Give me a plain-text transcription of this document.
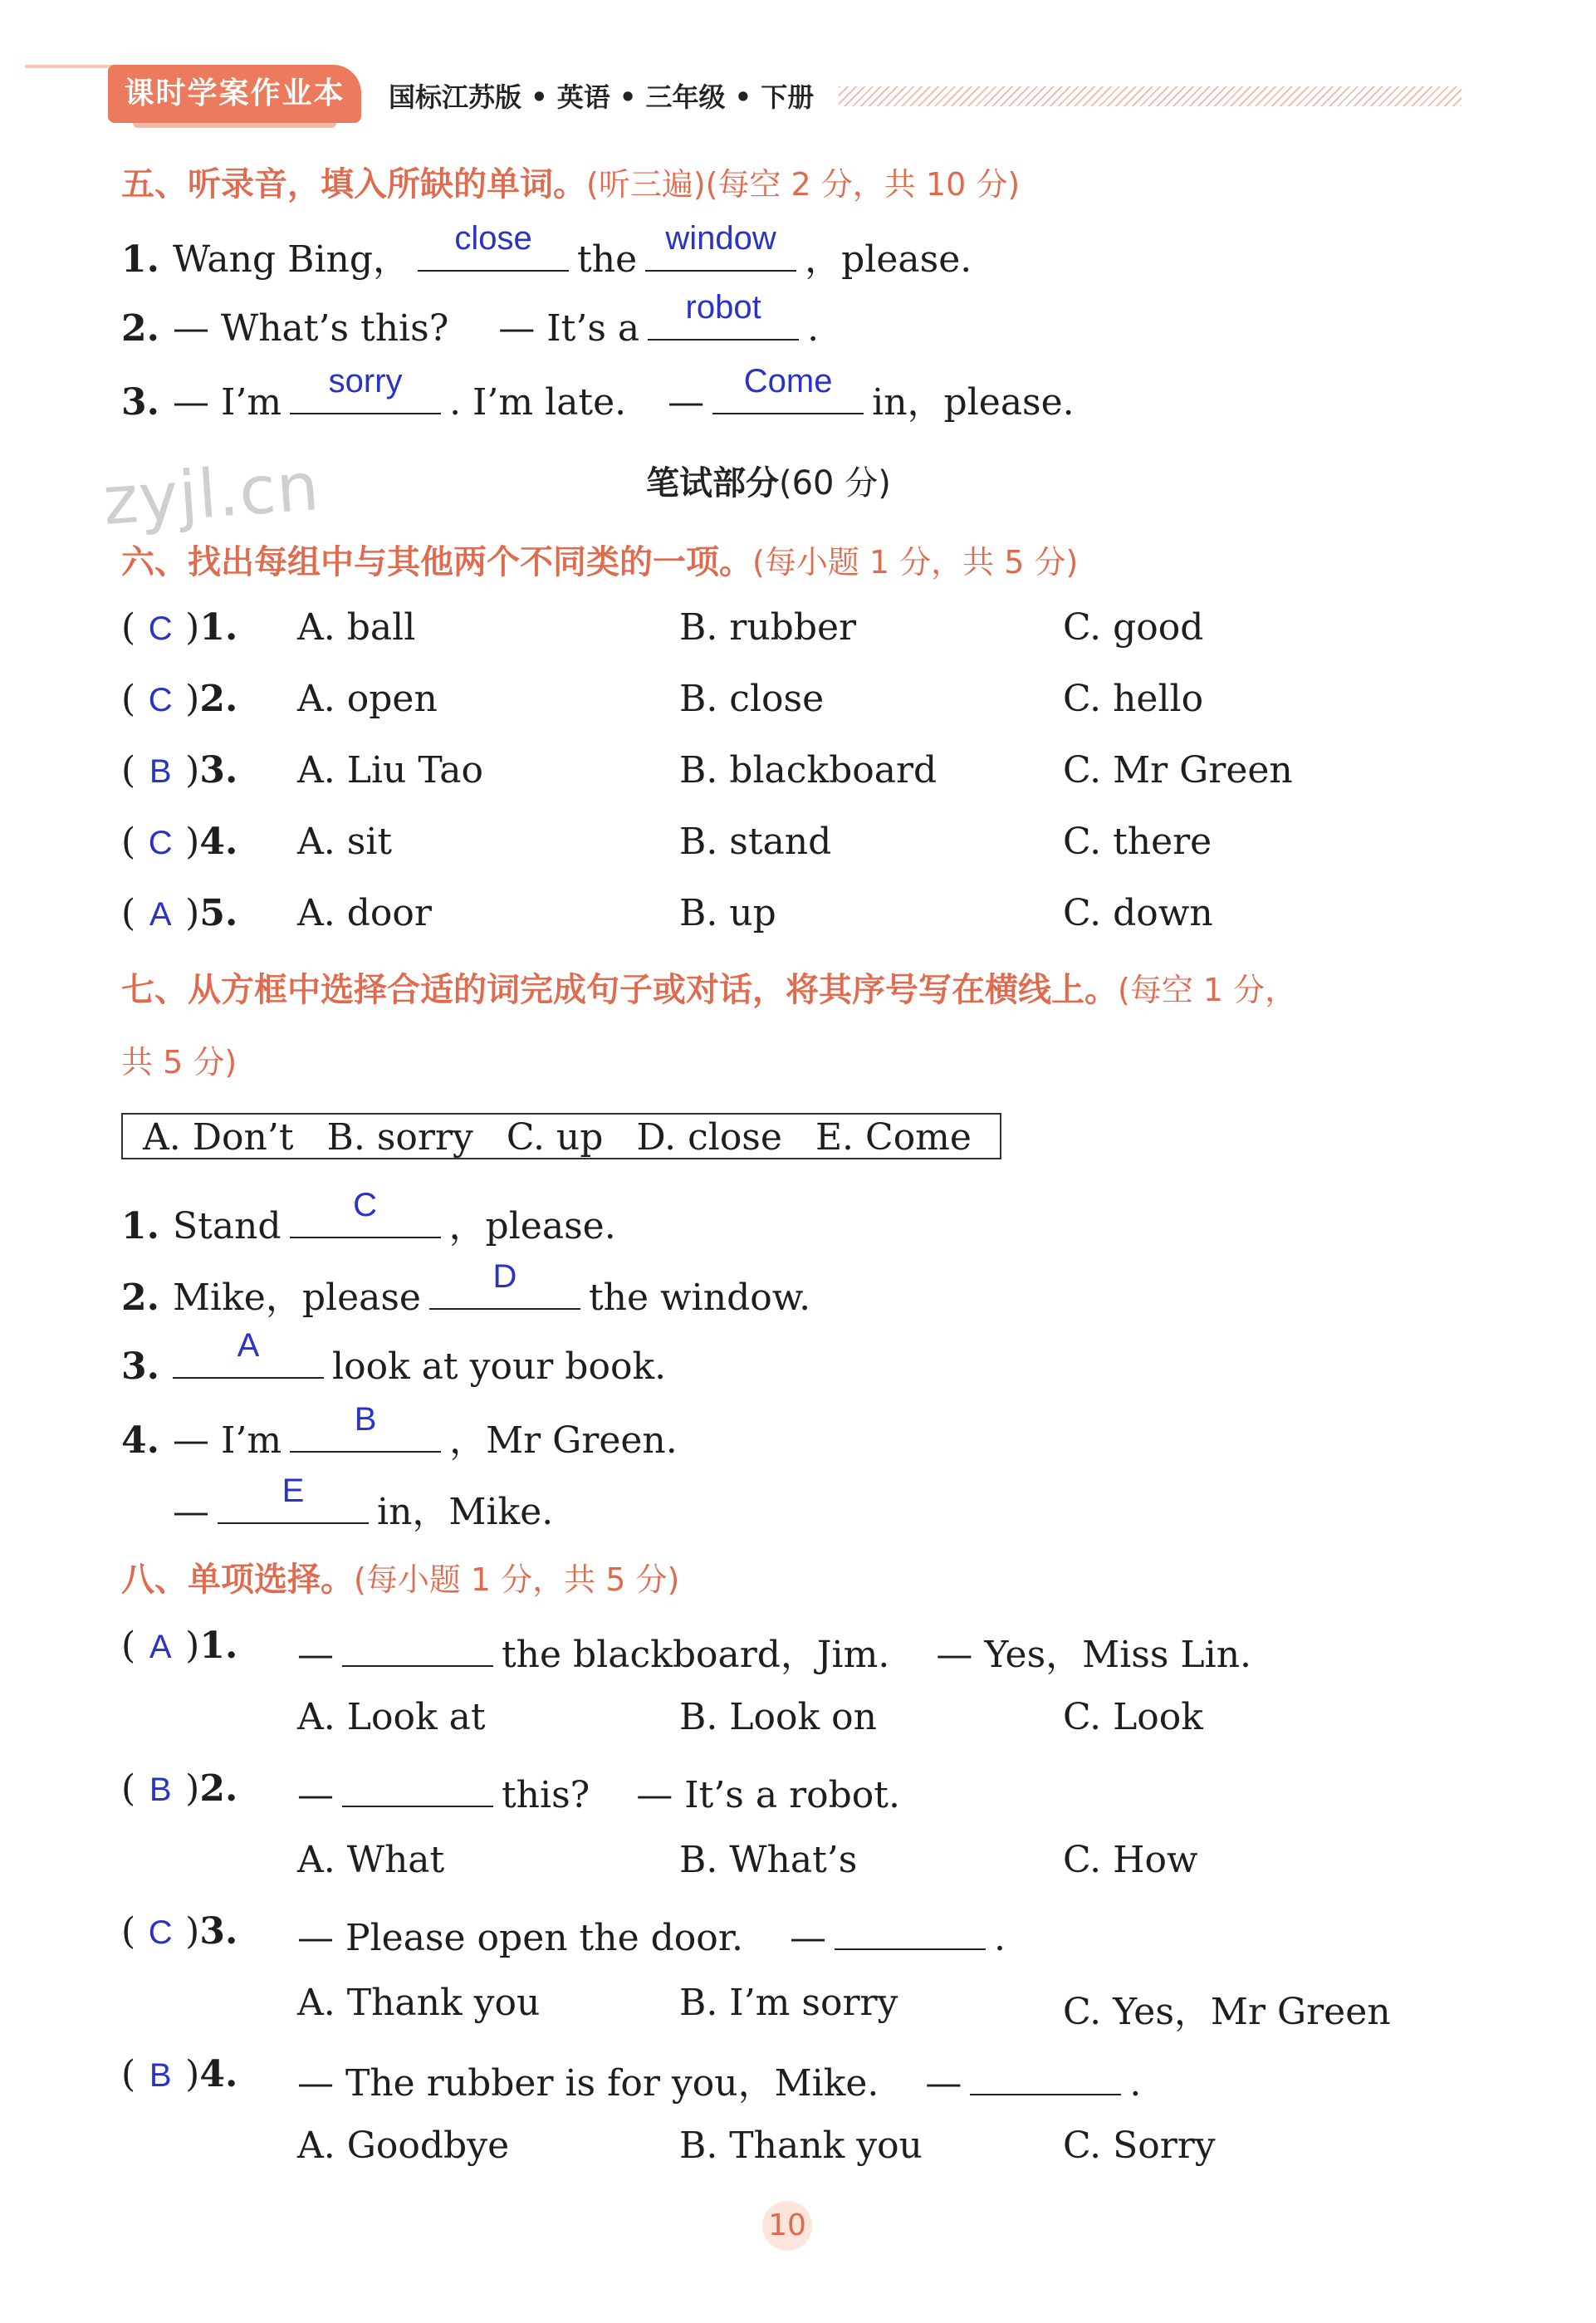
课时学案作业本	国标江苏版 • 英语 • 三年级 • 下册
五、听录音，填入所缺的单词。(听三遍)(每空 2 分，共 10 分)
1. Wang Bing，	close	the window ，please.
2. — What’s this? — It’s a	robot	.
3. — I’m	sorry	. I’m late. —	Come	in，please.
zyjl.cn	笔试部分(60 分)
六、找出每组中与其他两个不同类的一项。(每小题 1 分，共 5 分)
( C )1. A. ball	B. rubber	C. good
( C )2. A. open	B. close	C. hello
( B )3. A. Liu Tao	B. blackboard	C. Mr Green
( C )4. A. sit	B. stand	C. there
( A )5. A. door	B. up	C. down
七、从方框中选择合适的词完成句子或对话，将其序号写在横线上。(每空 1 分，
共 5 分)
A. Don’t B. sorry C. up D. close E. Come
1. Stand	C	，please.
2. Mike，please	D	the window.
3.	A	look at your book.
4. — I’m	B	，Mr Green.
—	E	in，Mike.
八、单项选择。(每小题 1 分，共 5 分)
( A )1. —	the blackboard，Jim. — Yes，Miss Lin.
A. Look at	B. Look on	C. Look
( B )2. —	this? — It’s a robot.
A. What	B. What’s	C. How
( C )3. — Please open the door. —	.
A. Thank you	B. I’m sorry	C. Yes，Mr Green
( B )4. — The rubber is for you，Mike. —	.
A. Goodbye	B. Thank you	C. Sorry
10
